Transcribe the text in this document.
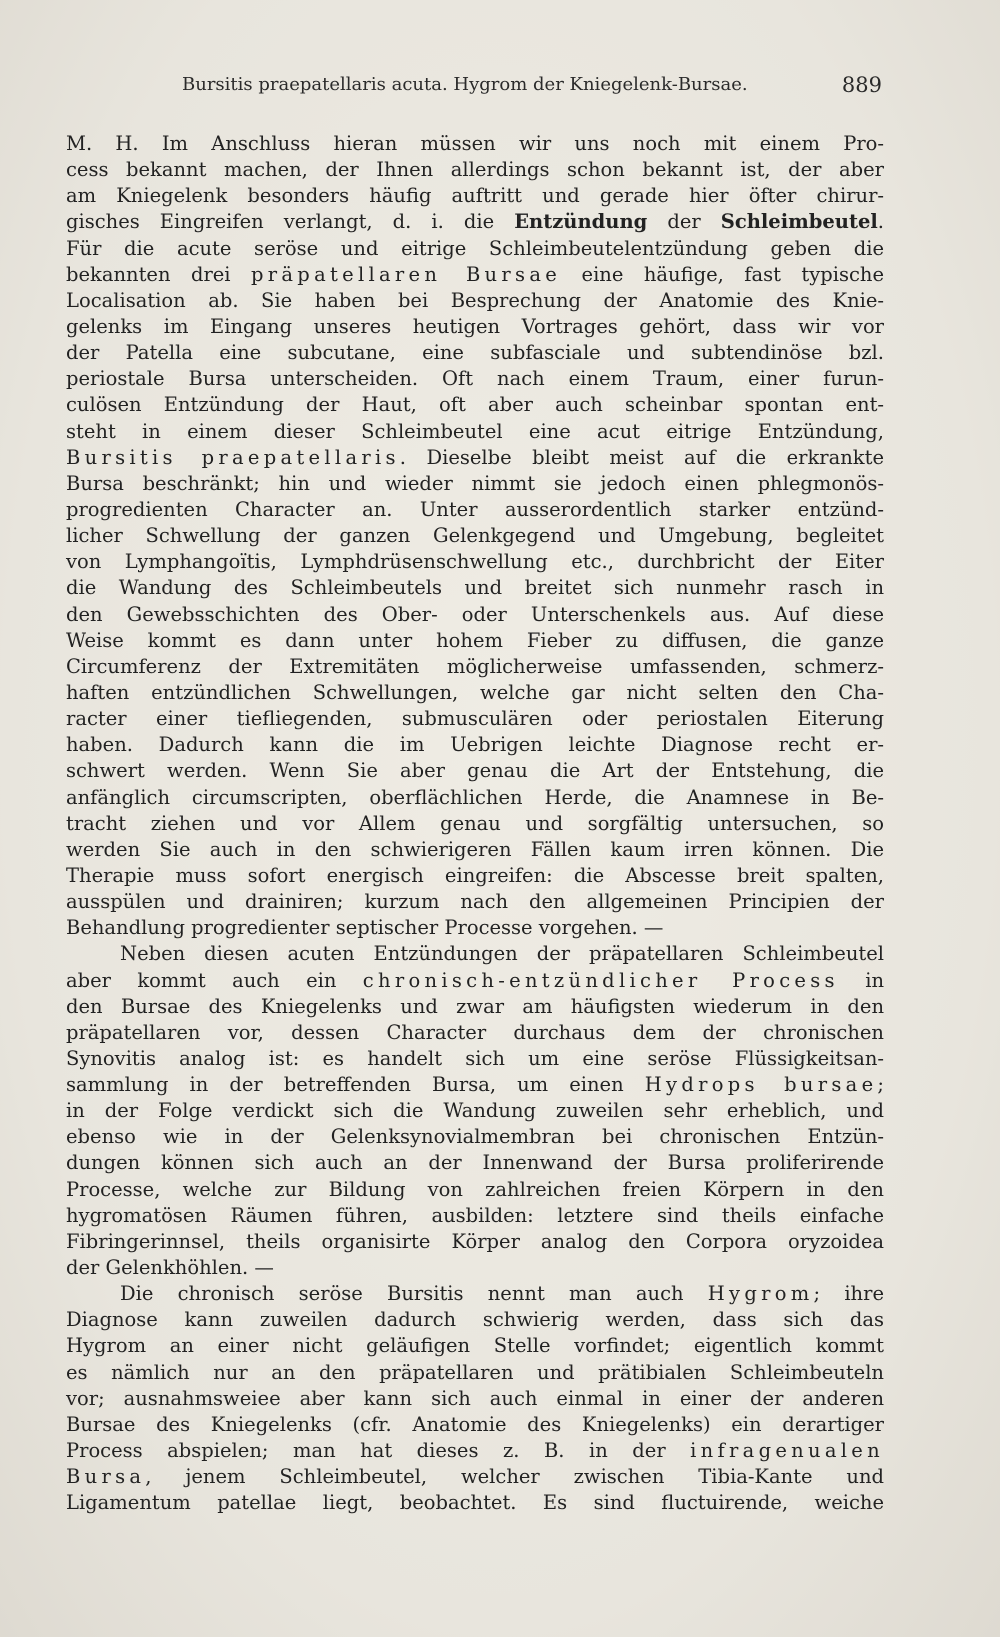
Bursitis praepatellaris acuta. Hygrom der Kniegelenk-Bursae.	889
M. H. Im Anschluss hieran müssen wir uns noch mit einem Pro-
cess bekannt machen, der Ihnen allerdings schon bekannt ist, der aber
am Kniegelenk besonders häufig auftritt und gerade hier öfter chirur-
gisches Eingreifen verlangt, d. i. die Entzündung der Schleimbeutel.
Für die acute seröse und eitrige Schleimbeutelentzündung geben die
bekannten drei präpatellaren Bursae eine häufige, fast typische
Localisation ab. Sie haben bei Besprechung der Anatomie des Knie-
gelenks im Eingang unseres heutigen Vortrages gehört, dass wir vor
der Patella eine subcutane, eine subfasciale und subtendinöse bzl.
periostale Bursa unterscheiden. Oft nach einem Traum, einer furun-
culösen Entzündung der Haut, oft aber auch scheinbar spontan ent-
steht in einem dieser Schleimbeutel eine acut eitrige Entzündung,
Bursitis praepatellaris. Dieselbe bleibt meist auf die erkrankte
Bursa beschränkt; hin und wieder nimmt sie jedoch einen phlegmonös-
progredienten Character an. Unter ausserordentlich starker entzünd-
licher Schwellung der ganzen Gelenkgegend und Umgebung, begleitet
von Lymphangoïtis, Lymphdrüsenschwellung etc., durchbricht der Eiter
die Wandung des Schleimbeutels und breitet sich nunmehr rasch in
den Gewebsschichten des Ober- oder Unterschenkels aus. Auf diese
Weise kommt es dann unter hohem Fieber zu diffusen, die ganze
Circumferenz der Extremitäten möglicherweise umfassenden, schmerz-
haften entzündlichen Schwellungen, welche gar nicht selten den Cha-
racter einer tiefliegenden, submusculären oder periostalen Eiterung
haben. Dadurch kann die im Uebrigen leichte Diagnose recht er-
schwert werden. Wenn Sie aber genau die Art der Entstehung, die
anfänglich circumscripten, oberflächlichen Herde, die Anamnese in Be-
tracht ziehen und vor Allem genau und sorgfältig untersuchen, so
werden Sie auch in den schwierigeren Fällen kaum irren können. Die
Therapie muss sofort energisch eingreifen: die Abscesse breit spalten,
ausspülen und drainiren; kurzum nach den allgemeinen Principien der
Behandlung progredienter septischer Processe vorgehen. —
Neben diesen acuten Entzündungen der präpatellaren Schleimbeutel
aber kommt auch ein chronisch-entzündlicher Process in
den Bursae des Kniegelenks und zwar am häufigsten wiederum in den
präpatellaren vor, dessen Character durchaus dem der chronischen
Synovitis analog ist: es handelt sich um eine seröse Flüssigkeitsan-
sammlung in der betreffenden Bursa, um einen Hydrops bursae;
in der Folge verdickt sich die Wandung zuweilen sehr erheblich, und
ebenso wie in der Gelenksynovialmembran bei chronischen Entzün-
dungen können sich auch an der Innenwand der Bursa proliferirende
Processe, welche zur Bildung von zahlreichen freien Körpern in den
hygromatösen Räumen führen, ausbilden: letztere sind theils einfache
Fibringerinnsel, theils organisirte Körper analog den Corpora oryzoidea
der Gelenkhöhlen. —
Die chronisch seröse Bursitis nennt man auch Hygrom; ihre
Diagnose kann zuweilen dadurch schwierig werden, dass sich das
Hygrom an einer nicht geläufigen Stelle vorfindet; eigentlich kommt
es nämlich nur an den präpatellaren und prätibialen Schleimbeuteln
vor; ausnahmsweiee aber kann sich auch einmal in einer der anderen
Bursae des Kniegelenks (cfr. Anatomie des Kniegelenks) ein derartiger
Process abspielen; man hat dieses z. B. in der infragenualen
Bursa, jenem Schleimbeutel, welcher zwischen Tibia-Kante und
Ligamentum patellae liegt, beobachtet. Es sind fluctuirende, weiche
